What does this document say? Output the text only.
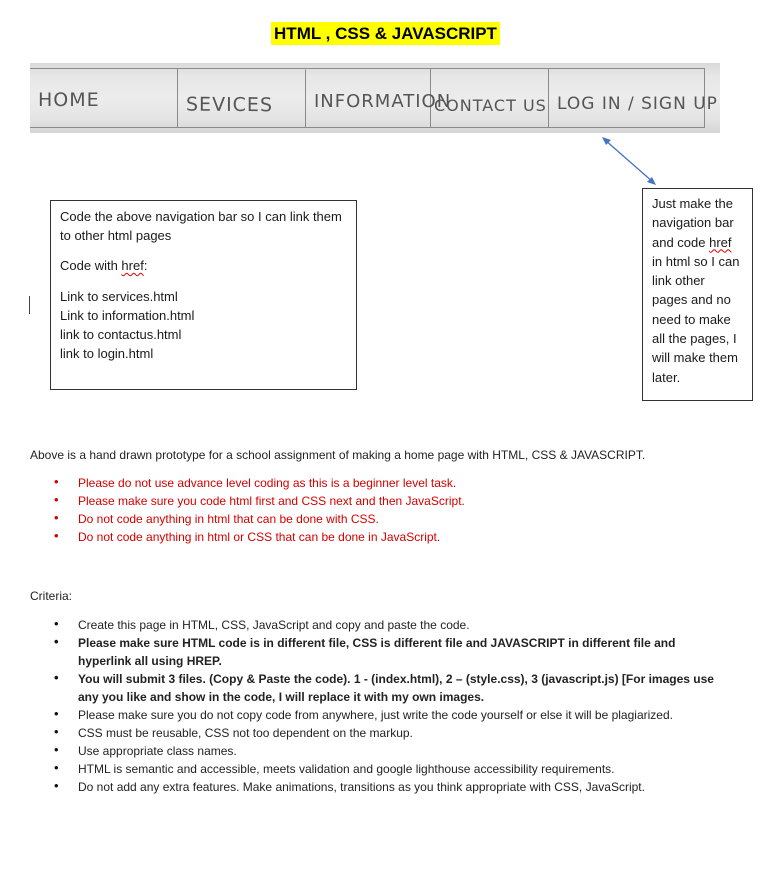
HTML , CSS & JAVASCRIPT
HOME	SEVICES	INFORMATION
CONTACT US LOG IN / SIGN UP

Code the above navigation bar so I can link them to other html pages

Code with href:

Link to services.html

Link to information.html

link to contactus.html

link to login.html

Just make the navigation bar and code href in html so I can link other pages and no need to make all the pages, I will make them later.

Above is a hand drawn prototype for a school assignment of making a home page with HTML, CSS & JAVASCRIPT.
• Please do not use advance level coding as this is a beginner level task.
• Please make sure you code html first and CSS next and then JavaScript.
• Do not code anything in html that can be done with CSS.
• Do not code anything in html or CSS that can be done in JavaScript.
Criteria:
• Create this page in HTML, CSS, JavaScript and copy and paste the code.
• Please make sure HTML code is in different file, CSS is different file and JAVASCRIPT in different file and hyperlink all using HREP.
• You will submit 3 files. (Copy & Paste the code). 1 - (index.html), 2 – (style.css), 3 (javascript.js) [For images use any you like and show in the code, I will replace it with my own images.
• Please make sure you do not copy code from anywhere, just write the code yourself or else it will be plagiarized.
• CSS must be reusable, CSS not too dependent on the markup.
• Use appropriate class names.
• HTML is semantic and accessible, meets validation and google lighthouse accessibility requirements.
• Do not add any extra features. Make animations, transitions as you think appropriate with CSS, JavaScript.
